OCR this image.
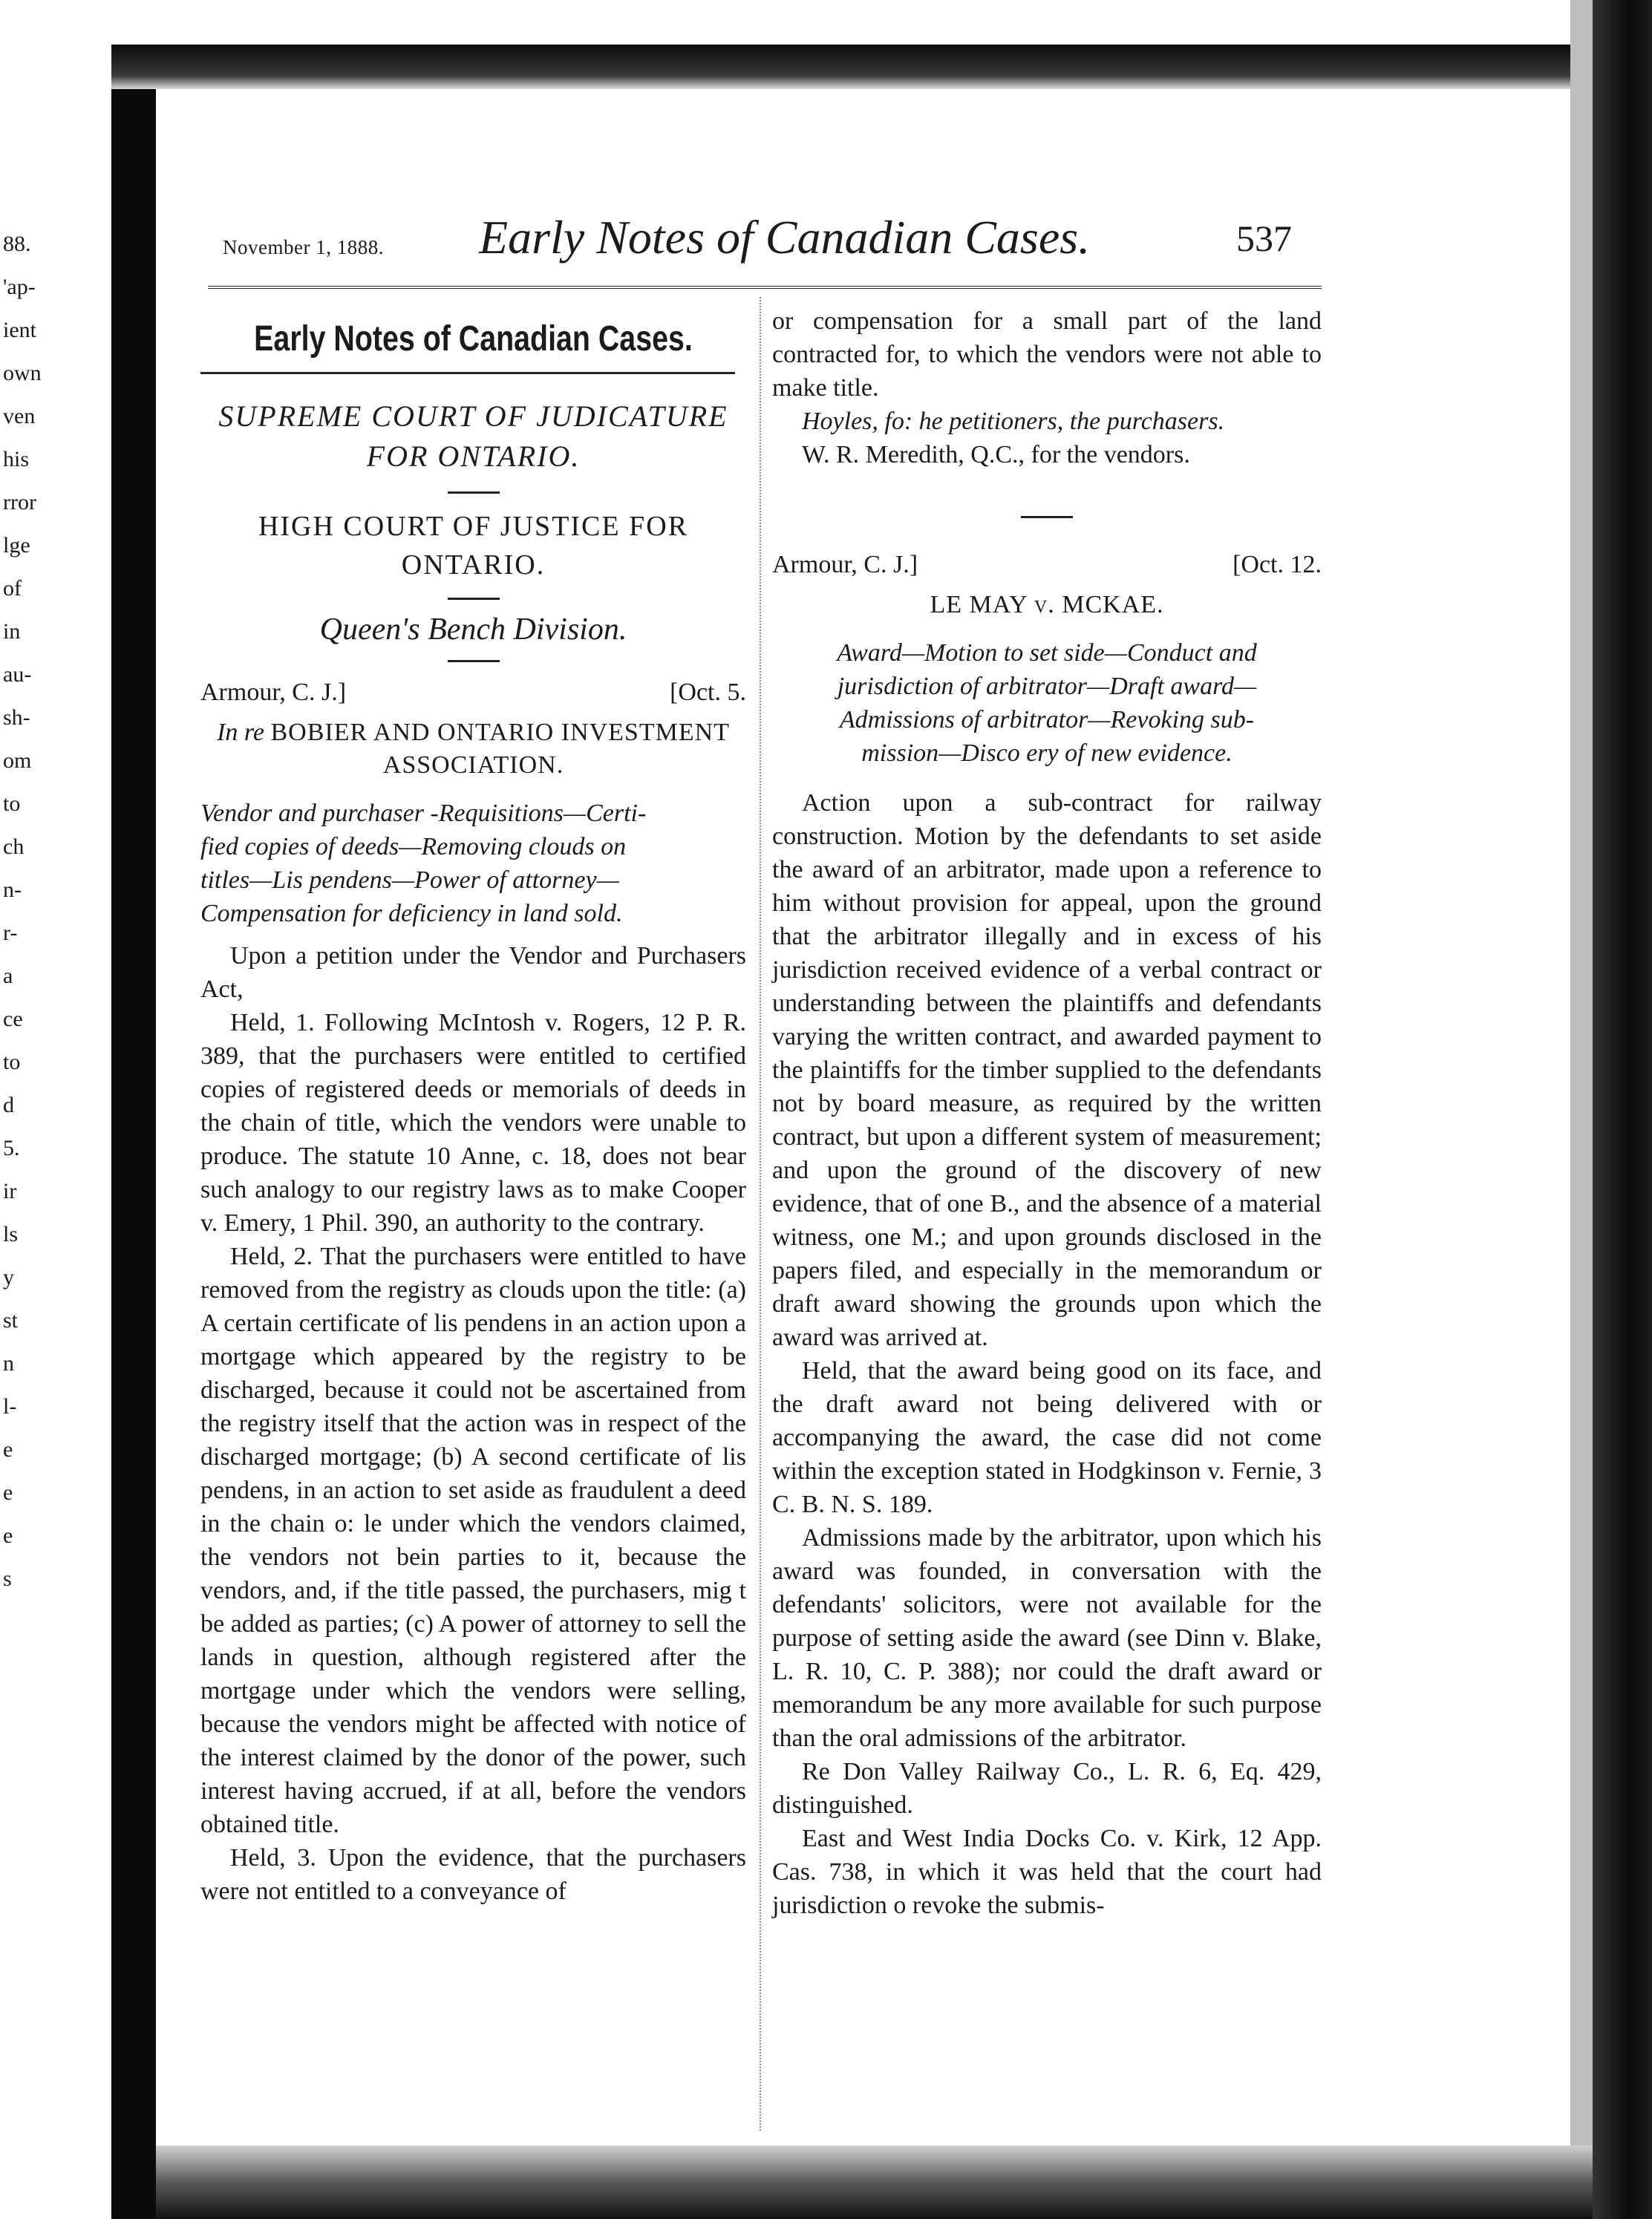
88.
'ap-
ient
own
ven
his
rror
lge
of
in
au-
sh-
om
to
ch
n-
r-
a
ce
to
d
5.
ir
ls
y
st
n
l-
e
e
e
s
November 1, 1888. Early Notes of Canadian Cases.	537
Early Notes of Canadian Cases.
SUPREME COURT OF JUDICATURE
FOR ONTARIO.
HIGH COURT OF JUSTICE FOR
ONTARIO.
Queen's Bench Division.
Armour, C. J.]	[Oct. 5.
In re BOBIER AND ONTARIO INVESTMENT
ASSOCIATION.
Vendor and purchaser -Requisitions—Certi-
fied copies of deeds—Removing clouds on
titles—Lis pendens—Power of attorney—
Compensation for deficiency in land sold.

Upon a petition under the Vendor and Purchasers Act,

Held, 1. Following McIntosh v. Rogers, 12 P. R. 389, that the purchasers were entitled to certified copies of registered deeds or memorials of deeds in the chain of title, which the vendors were unable to produce. The statute 10 Anne, c. 18, does not bear such analogy to our registry laws as to make Cooper v. Emery, 1 Phil. 390, an authority to the contrary.

Held, 2. That the purchasers were entitled to have removed from the registry as clouds upon the title: (a) A certain certificate of lis pendens in an action upon a mortgage which appeared by the registry to be discharged, because it could not be ascertained from the registry itself that the action was in respect of the discharged mortgage; (b) A second certificate of lis pendens, in an action to set aside as fraudulent a deed in the chain o: le under which the vendors claimed, the vendors not bein parties to it, because the vendors, and, if the title passed, the purchasers, mig t be added as parties; (c) A power of attorney to sell the lands in question, although registered after the mortgage under which the vendors were selling, because the vendors might be affected with notice of the interest claimed by the donor of the power, such interest having accrued, if at all, before the vendors obtained title.

Held, 3. Upon the evidence, that the purchasers were not entitled to a conveyance of

or compensation for a small part of the land contracted for, to which the vendors were not able to make title.

Hoyles, fo: he petitioners, the purchasers.

W. R. Meredith, Q.C., for the vendors.

Armour, C. J.]	[Oct. 12.
LE MAY v. MCKAE.
Award—Motion to set side—Conduct and
jurisdiction of arbitrator—Draft award—
Admissions of arbitrator—Revoking sub-
mission—Disco ery of new evidence.

Action upon a sub-contract for railway construction. Motion by the defendants to set aside the award of an arbitrator, made upon a reference to him without provision for appeal, upon the ground that the arbitrator illegally and in excess of his jurisdiction received evidence of a verbal contract or understanding between the plaintiffs and defendants varying the written contract, and awarded payment to the plaintiffs for the timber supplied to the defendants not by board measure, as required by the written contract, but upon a different system of measurement; and upon the ground of the discovery of new evidence, that of one B., and the absence of a material witness, one M.; and upon grounds disclosed in the papers filed, and especially in the memorandum or draft award showing the grounds upon which the award was arrived at.

Held, that the award being good on its face, and the draft award not being delivered with or accompanying the award, the case did not come within the exception stated in Hodgkinson v. Fernie, 3 C. B. N. S. 189.

Admissions made by the arbitrator, upon which his award was founded, in conversation with the defendants' solicitors, were not available for the purpose of setting aside the award (see Dinn v. Blake, L. R. 10, C. P. 388); nor could the draft award or memorandum be any more available for such purpose than the oral admissions of the arbitrator.

Re Don Valley Railway Co., L. R. 6, Eq. 429, distinguished.

East and West India Docks Co. v. Kirk, 12 App. Cas. 738, in which it was held that the court had jurisdiction o revoke the submis-
